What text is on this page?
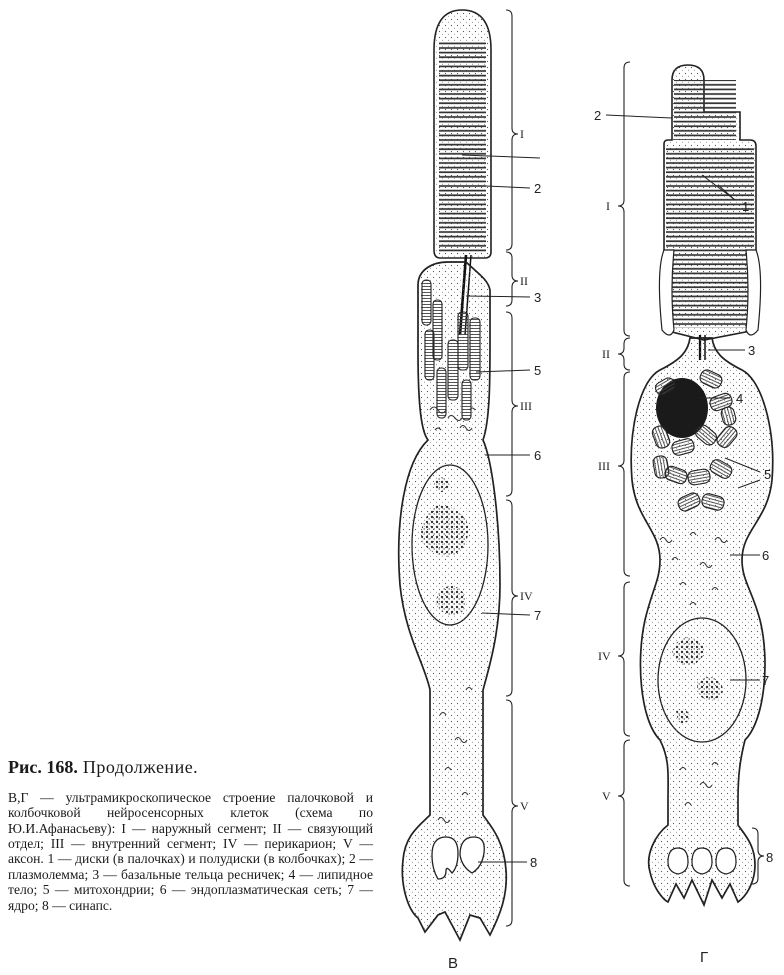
I
II
III
IV
V
2
3
5
6
7
8
В
I
II
III
IV
V
2
1
3
4
5
6
7
8
Г

Рис. 168. Продолжение.

В,Г — ультрамикроскопическое строение палочковой и колбочковой нейросенсорных клеток (схема по Ю.И.Афанасьеву): I — наружный сегмент; II — связующий отдел; III — внутренний сегмент; IV — перикарион; V — аксон. 1 — диски (в палочках) и полудиски (в колбочках); 2 — плазмолемма; 3 — базальные тельца ресничек; 4 — липидное тело; 5 — митохондрии; 6 — эндоплазматическая сеть; 7 — ядро; 8 — синапс.
